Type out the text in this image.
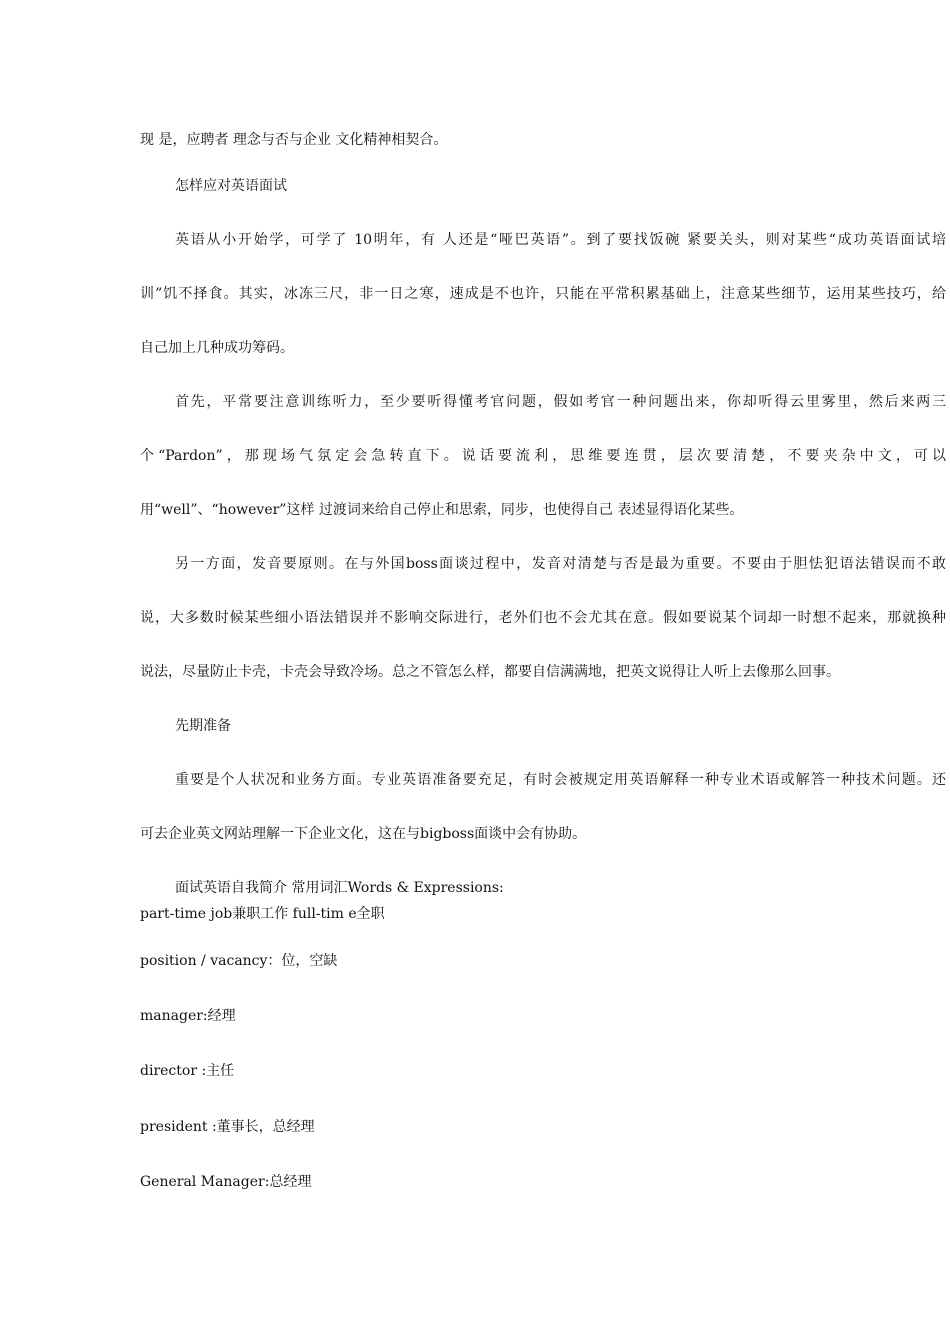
现 是，应聘者 理念与否与企业 文化精神相契合。
怎样应对英语面试
英语从小开始学，可学了 10明年，有 人还是“哑巴英语”。到了要找饭碗 紧要关头，则对某些“成功英语面试培
训”饥不择食。其实，冰冻三尺，非一日之寒，速成是不也许，只能在平常积累基础上，注意某些细节，运用某些技巧，给
自己加上几种成功筹码。
首先，平常要注意训练听力，至少要听得懂考官问题，假如考官一种问题出来，你却听得云里雾里，然后来两三
个“Pardon”，那现场气氛定会急转直下。说话要流利，思维要连贯，层次要清楚，不要夹杂中文，可以
用“well”、“however”这样 过渡词来给自己停止和思索，同步，也使得自己 表述显得语化某些。
另一方面，发音要原则。在与外国boss面谈过程中，发音对清楚与否是最为重要。不要由于胆怯犯语法错误而不敢
说，大多数时候某些细小语法错误并不影响交际进行，老外们也不会尤其在意。假如要说某个词却一时想不起来，那就换种
说法，尽量防止卡壳，卡壳会导致冷场。总之不管怎么样，都要自信满满地，把英文说得让人听上去像那么回事。
先期准备
重要是个人状况和业务方面。专业英语准备要充足，有时会被规定用英语解释一种专业术语或解答一种技术问题。还
可去企业英文网站理解一下企业文化，这在与bigboss面谈中会有协助。
面试英语自我简介 常用词汇Words & Expressions:
part-time job兼职工作 full-tim e全职
position / vacancy：位，空缺
manager:经理
director :主任
president :董事长，总经理
General Manager:总经理
